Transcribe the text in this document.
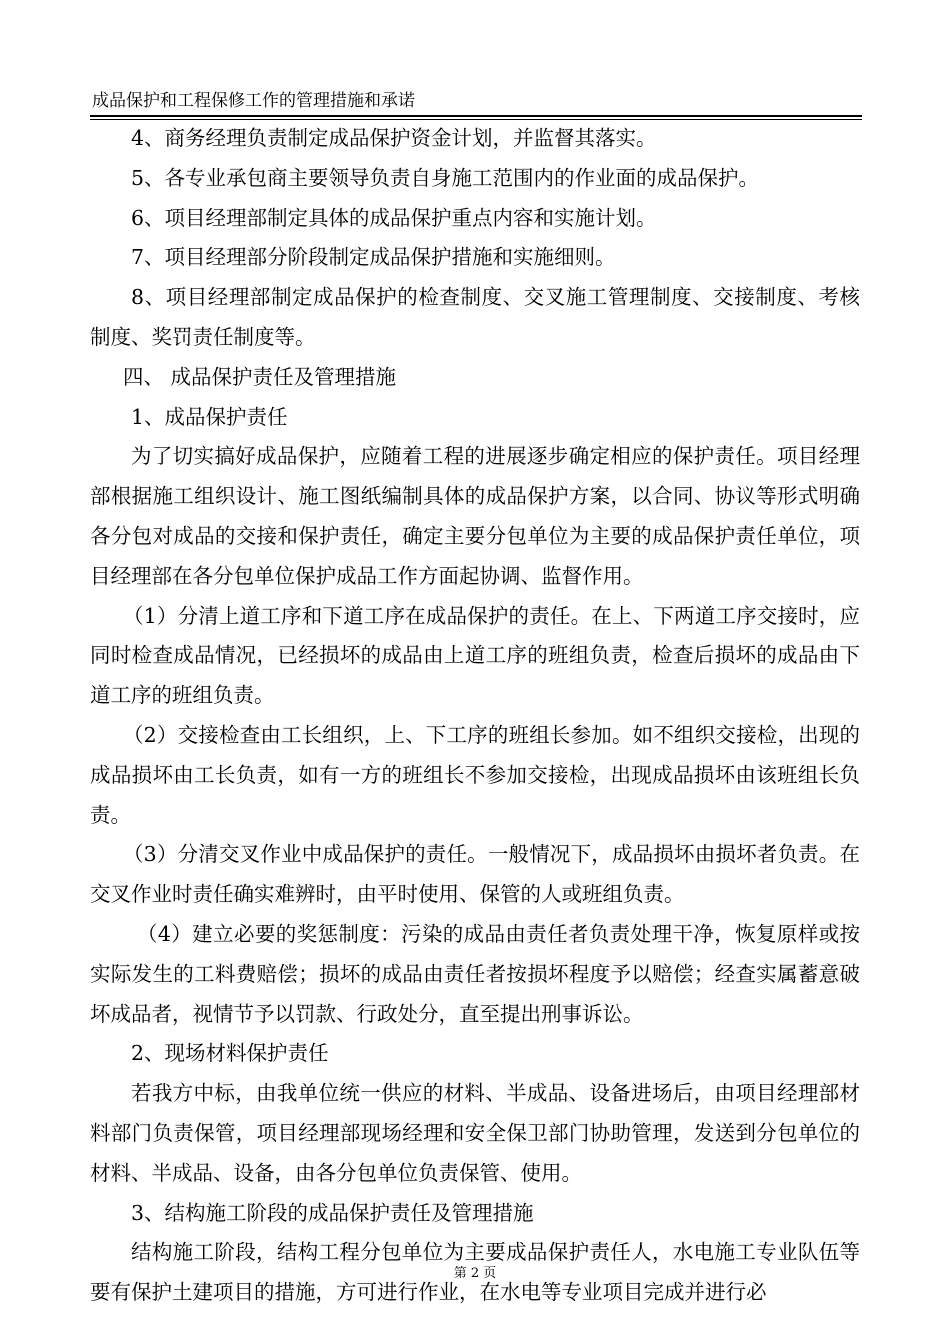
成品保护和工程保修工作的管理措施和承诺

4、商务经理负责制定成品保护资金计划，并监督其落实。

5、各专业承包商主要领导负责自身施工范围内的作业面的成品保护。

6、项目经理部制定具体的成品保护重点内容和实施计划。

7、项目经理部分阶段制定成品保护措施和实施细则。

8、项目经理部制定成品保护的检查制度、交叉施工管理制度、交接制度、考核制度、奖罚责任制度等。

四、 成品保护责任及管理措施

1、成品保护责任

为了切实搞好成品保护，应随着工程的进展逐步确定相应的保护责任。项目经理部根据施工组织设计、施工图纸编制具体的成品保护方案，以合同、协议等形式明确各分包对成品的交接和保护责任，确定主要分包单位为主要的成品保护责任单位，项目经理部在各分包单位保护成品工作方面起协调、监督作用。

（1）分清上道工序和下道工序在成品保护的责任。在上、下两道工序交接时，应同时检查成品情况，已经损坏的成品由上道工序的班组负责，检查后损坏的成品由下道工序的班组负责。

（2）交接检查由工长组织，上、下工序的班组长参加。如不组织交接检，出现的成品损坏由工长负责，如有一方的班组长不参加交接检，出现成品损坏由该班组长负责。

（3）分清交叉作业中成品保护的责任。一般情况下，成品损坏由损坏者负责。在交叉作业时责任确实难辨时，由平时使用、保管的人或班组负责。

（4）建立必要的奖惩制度：污染的成品由责任者负责处理干净，恢复原样或按实际发生的工料费赔偿；损坏的成品由责任者按损坏程度予以赔偿；经查实属蓄意破坏成品者，视情节予以罚款、行政处分，直至提出刑事诉讼。

2、现场材料保护责任

若我方中标，由我单位统一供应的材料、半成品、设备进场后，由项目经理部材料部门负责保管，项目经理部现场经理和安全保卫部门协助管理，发送到分包单位的材料、半成品、设备，由各分包单位负责保管、使用。

3、结构施工阶段的成品保护责任及管理措施

结构施工阶段，结构工程分包单位为主要成品保护责任人，水电施工专业队伍等要有保护土建项目的措施，方可进行作业，在水电等专业项目完成并进行必

第 2 页
